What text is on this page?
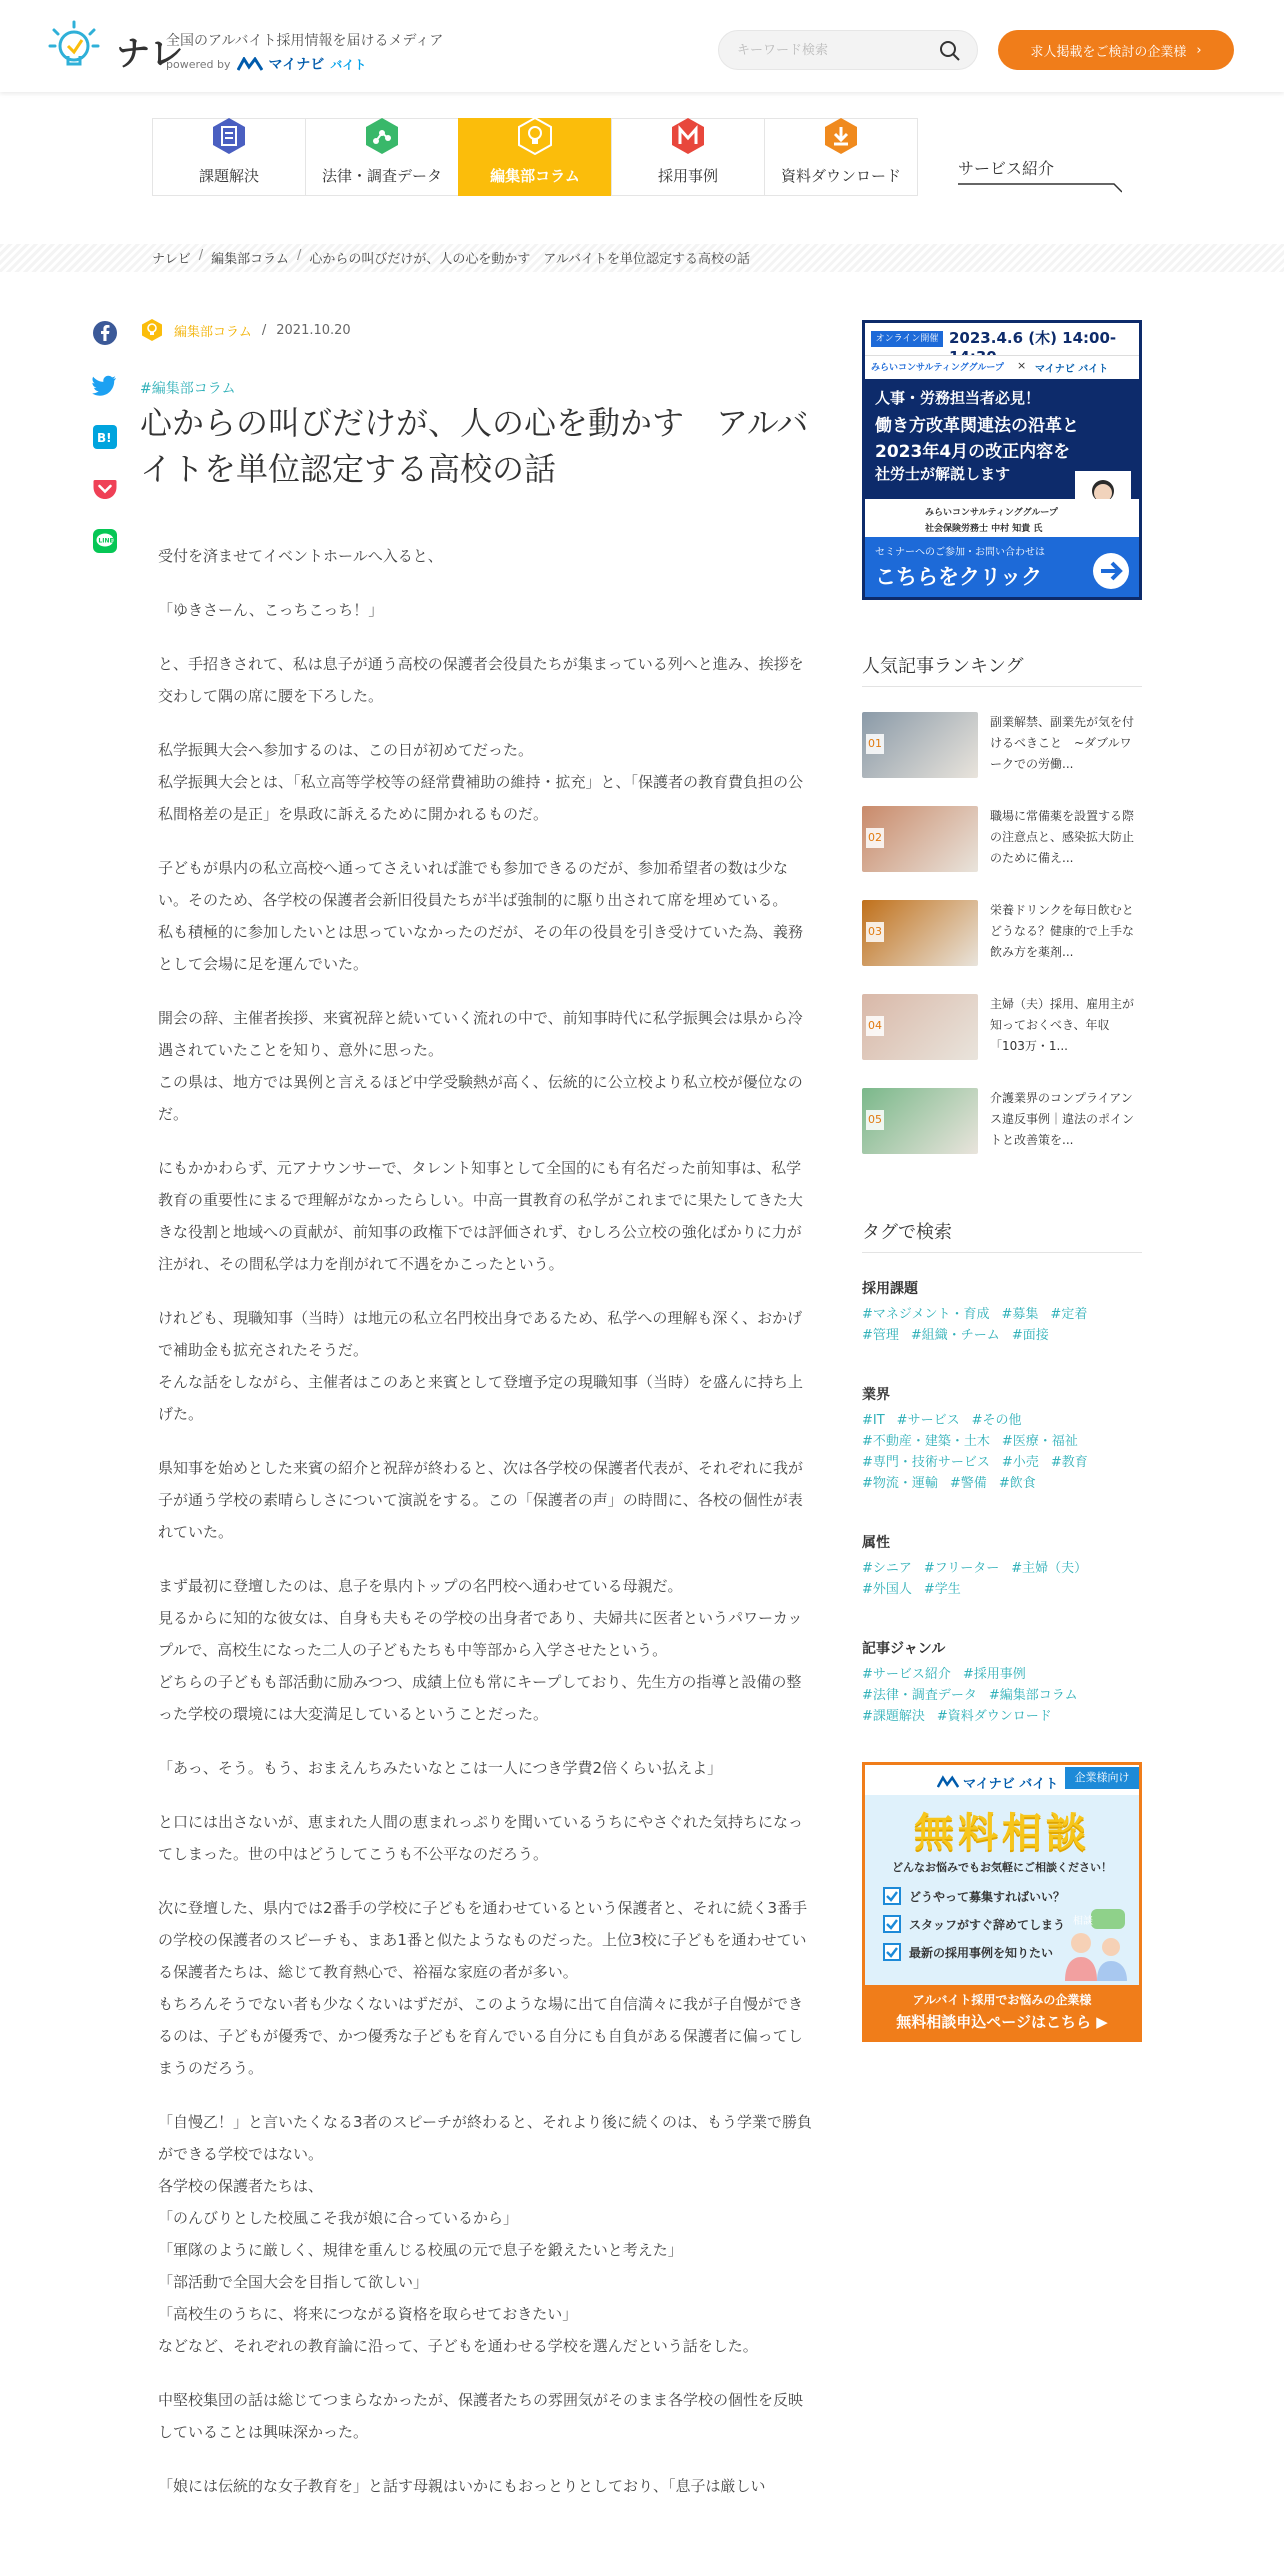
ナレ
全国のアルバイト採用情報を届けるメディア
powered by	マイナビ バイト
キーワード検索
求人掲載をご検討の企業様 ›
課題解決	法律・調査データ	編集部コラム	採用事例	資料ダウンロード	サービス紹介
ナレビ / 編集部コラム / 心からの叫びだけが、人の心を動かす　アルバイトを単位認定する高校の話
B!
LINE
編集部コラム / 2021.10.20
#編集部コラム
心からの叫びだけが、人の心を動かす　アルバイトを単位認定する高校の話

受付を済ませてイベントホールへ入ると、

「ゆきさーん、こっちこっち！」

と、手招きされて、私は息子が通う高校の保護者会役員たちが集まっている列へと進み、挨拶を交わして隅の席に腰を下ろした。

私学振興大会へ参加するのは、この日が初めてだった。
私学振興大会とは、「私立高等学校等の経常費補助の維持・拡充」と、「保護者の教育費負担の公私間格差の是正」を県政に訴えるために開かれるものだ。

子どもが県内の私立高校へ通ってさえいれば誰でも参加できるのだが、参加希望者の数は少ない。そのため、各学校の保護者会新旧役員たちが半ば強制的に駆り出されて席を埋めている。
私も積極的に参加したいとは思っていなかったのだが、その年の役員を引き受けていた為、義務として会場に足を運んでいた。

開会の辞、主催者挨拶、来賓祝辞と続いていく流れの中で、前知事時代に私学振興会は県から冷遇されていたことを知り、意外に思った。
この県は、地方では異例と言えるほど中学受験熱が高く、伝統的に公立校より私立校が優位なのだ。

にもかかわらず、元アナウンサーで、タレント知事として全国的にも有名だった前知事は、私学教育の重要性にまるで理解がなかったらしい。中高一貫教育の私学がこれまでに果たしてきた大きな役割と地域への貢献が、前知事の政権下では評価されず、むしろ公立校の強化ばかりに力が注がれ、その間私学は力を削がれて不遇をかこったという。

けれども、現職知事（当時）は地元の私立名門校出身であるため、私学への理解も深く、おかげで補助金も拡充されたそうだ。
そんな話をしながら、主催者はこのあと来賓として登壇予定の現職知事（当時）を盛んに持ち上げた。

県知事を始めとした来賓の紹介と祝辞が終わると、次は各学校の保護者代表が、それぞれに我が子が通う学校の素晴らしさについて演説をする。この「保護者の声」の時間に、各校の個性が表れていた。

まず最初に登壇したのは、息子を県内トップの名門校へ通わせている母親だ。
見るからに知的な彼女は、自身も夫もその学校の出身者であり、夫婦共に医者というパワーカップルで、高校生になった二人の子どもたちも中等部から入学させたという。
どちらの子どもも部活動に励みつつ、成績上位も常にキープしており、先生方の指導と設備の整った学校の環境には大変満足しているということだった。

「あっ、そう。もう、おまえんちみたいなとこは一人につき学費2倍くらい払えよ」

と口には出さないが、恵まれた人間の恵まれっぷりを聞いているうちにやさぐれた気持ちになってしまった。世の中はどうしてこうも不公平なのだろう。

次に登壇した、県内では2番手の学校に子どもを通わせているという保護者と、それに続く3番手の学校の保護者のスピーチも、まあ1番と似たようなものだった。上位3校に子どもを通わせている保護者たちは、総じて教育熱心で、裕福な家庭の者が多い。
もちろんそうでない者も少なくないはずだが、このような場に出て自信満々に我が子自慢ができるのは、子どもが優秀で、かつ優秀な子どもを育んでいる自分にも自負がある保護者に偏ってしまうのだろう。

「自慢乙！」と言いたくなる3者のスピーチが終わると、それより後に続くのは、もう学業で勝負ができる学校ではない。
各学校の保護者たちは、
「のんびりとした校風こそ我が娘に合っているから」
「軍隊のように厳しく、規律を重んじる校風の元で息子を鍛えたいと考えた」
「部活動で全国大会を目指して欲しい」
「高校生のうちに、将来につながる資格を取らせておきたい」
などなど、それぞれの教育論に沿って、子どもを通わせる学校を選んだという話をした。

中堅校集団の話は総じてつまらなかったが、保護者たちの雰囲気がそのまま各学校の個性を反映していることは興味深かった。

「娘には伝統的な女子教育を」と話す母親はいかにもおっとりとしており、「息子は厳しい

オンライン開催 2023.4.6 (木) 14:00-
みらいコンサルティンググループ × マイナビ バイト
人事・労務担当者必見！
働き方改革関連法の沿革と
2023年4月の改正内容を
社労士が解説します
みらいコンサルティンググループ
社会保険労務士 中村 知貴 氏
セミナーへのご参加・お問い合わせは
こちらをクリック
人気記事ランキング
01
副業解禁、副業先が気を付けるべきこと　~ダブルワークでの労働...
02
職場に常備薬を設置する際の注意点と、感染拡大防止のために備え...
03
栄養ドリンクを毎日飲むとどうなる？健康的で上手な飲み方を薬剤...
04
主婦（夫）採用、雇用主が知っておくべき、年収「103万・1...
05
介護業界のコンプライアンス違反事例｜違法のポイントと改善策を...
タグで検索
採用課題
#マネジメント・育成 #募集 #定着
#管理 #組織・チーム #面接
業界
#IT #サービス #その他
#不動産・建築・土木 #医療・福祉
#専門・技術サービス #小売 #教育
#物流・運輸 #警備 #飲食
属性
#シニア #フリーター #主婦（夫）
#外国人 #学生
記事ジャンル
#サービス紹介 #採用事例
#法律・調査データ #編集部コラム
#課題解決 #資料ダウンロード
マイナビ バイト	企業様向け
無料相談
どんなお悩みでもお気軽にご相談ください！
どうやって募集すればいい？
スタッフがすぐ辞めてしまう
最新の採用事例を知りたい
相談
アルバイト採用でお悩みの企業様
無料相談申込ページはこちら ▶
